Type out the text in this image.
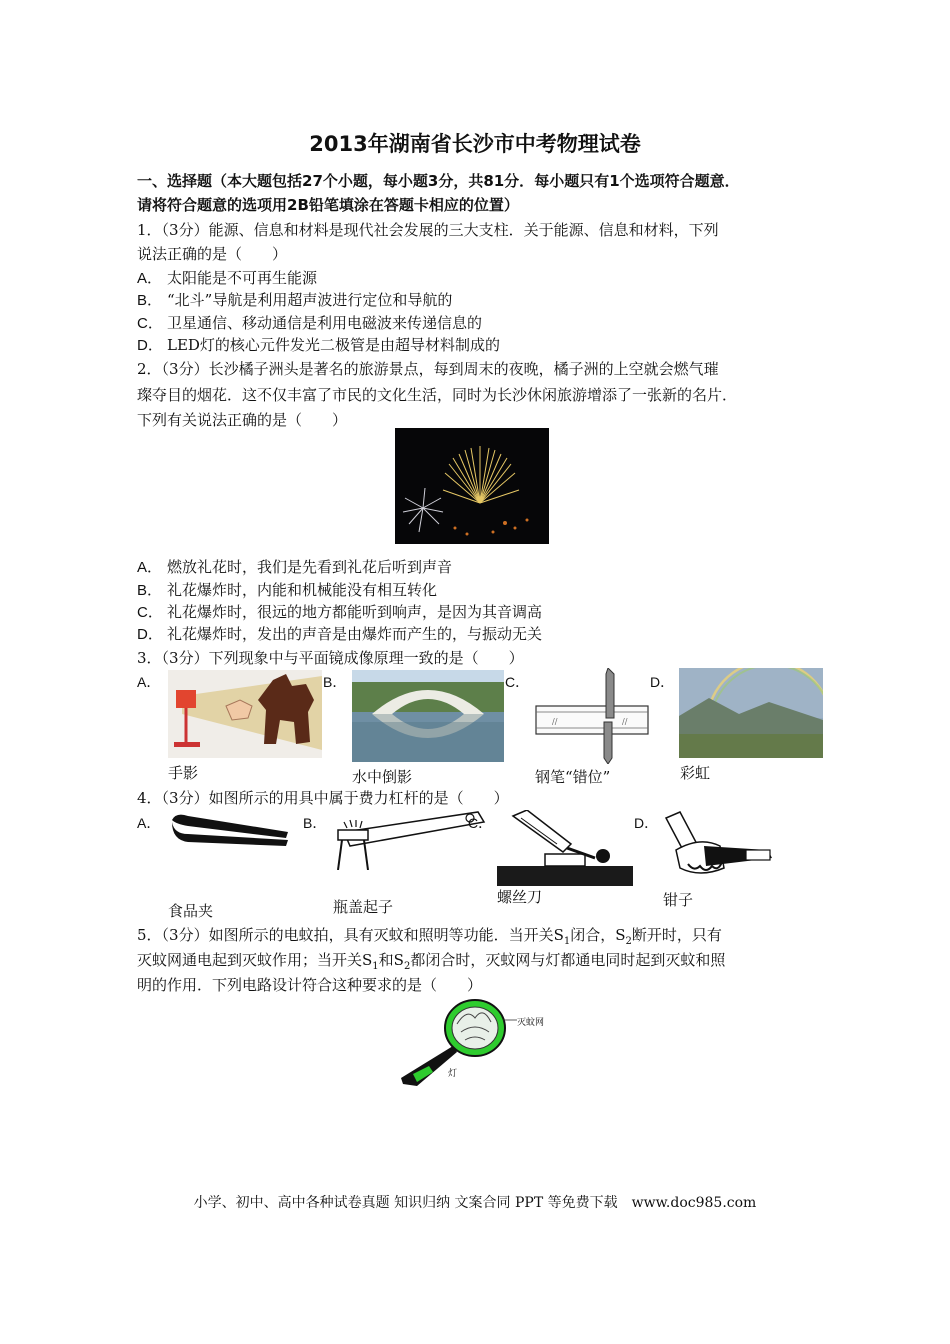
2013年湖南省长沙市中考物理试卷
一、选择题（本大题包括27个小题，每小题3分，共81分．每小题只有1个选项符合题意．
请将符合题意的选项用2B铅笔填涂在答题卡相应的位置）
1．（3分）能源、信息和材料是现代社会发展的三大支柱．关于能源、信息和材料，下列
说法正确的是（　　）
A． 太阳能是不可再生能源
B． “北斗”导航是利用超声波进行定位和导航的
C． 卫星通信、移动通信是利用电磁波来传递信息的
D． LED灯的核心元件发光二极管是由超导材料制成的
2．（3分）长沙橘子洲头是著名的旅游景点，每到周末的夜晚，橘子洲的上空就会燃气璀
璨夺目的烟花．这不仅丰富了市民的文化生活，同时为长沙休闲旅游增添了一张新的名片．
下列有关说法正确的是（　　）
A． 燃放礼花时，我们是先看到礼花后听到声音
B． 礼花爆炸时，内能和机械能没有相互转化
C． 礼花爆炸时，很远的地方都能听到响声，是因为其音调高
D． 礼花爆炸时，发出的声音是由爆炸而产生的，与振动无关
3．（3分）下列现象中与平面镜成像原理一致的是（　　）
A．
手影
B．
水中倒影
C．
//	//
钢笔“错位”
D．
彩虹
4．（3分）如图所示的用具中属于费力杠杆的是（　　）
A．
食品夹
B．
瓶盖起子
C．
螺丝刀
D．
钳子
5．（3分）如图所示的电蚊拍，具有灭蚊和照明等功能．当开关$S_1$闭合，$S_2$断开时，只有
灭蚊网通电起到灭蚊作用；当开关$S_1$和$S_2$都闭合时，灭蚊网与灯都通电同时起到灭蚊和照
明的作用．下列电路设计符合这种要求的是（　　）
灭蚊网
灯
小学、初中、高中各种试卷真题 知识归纳 文案合同 PPT 等免费下载　www.doc985.com
